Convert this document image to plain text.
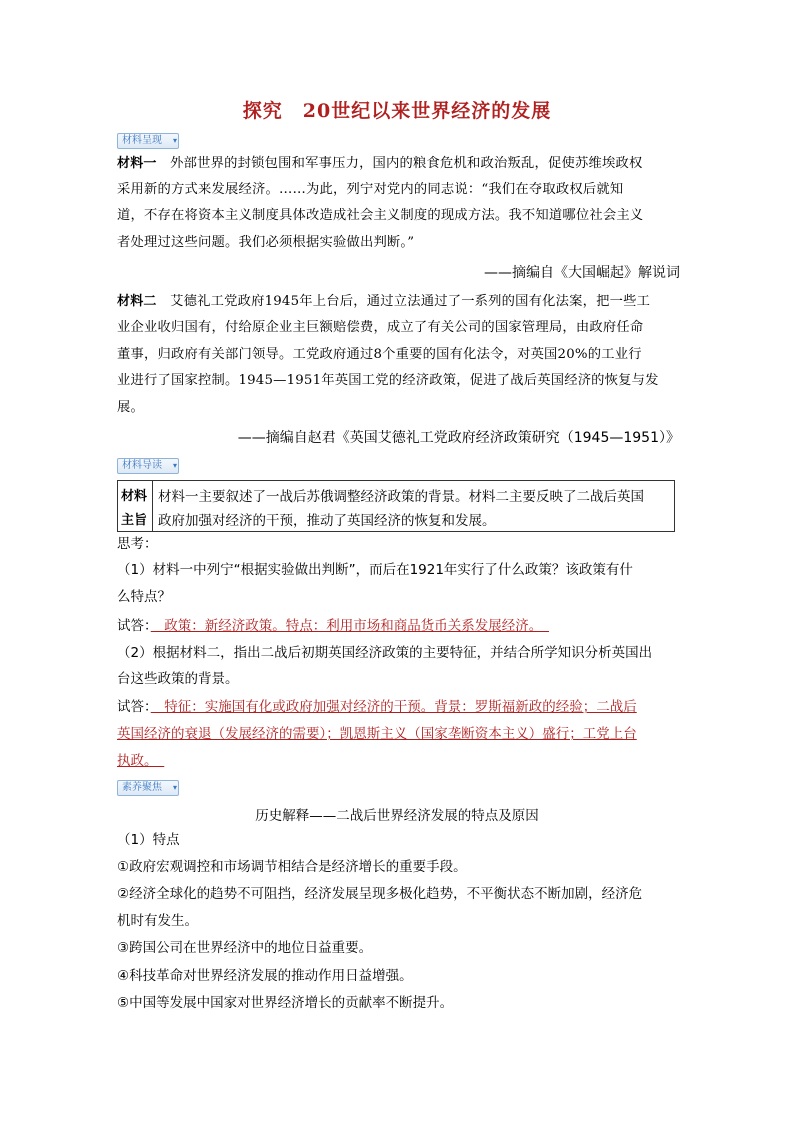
探究　20世纪以来世界经济的发展
材料呈现 ▾
材料一　 外部世界的封锁包围和军事压力，国内的粮食危机和政治叛乱，促使苏维埃政权
采用新的方式来发展经济。……为此，列宁对党内的同志说：“我们在夺取政权后就知
道，不存在将资本主义制度具体改造成社会主义制度的现成方法。我不知道哪位社会主义
者处理过这些问题。我们必须根据实验做出判断。”
——摘编自《大国崛起》解说词
材料二　 艾德礼工党政府1945年上台后，通过立法通过了一系列的国有化法案，把一些工
业企业收归国有，付给原企业主巨额赔偿费，成立了有关公司的国家管理局，由政府任命
董事，归政府有关部门领导。工党政府通过8个重要的国有化法令，对英国20%的工业行
业进行了国家控制。1945—1951年英国工党的经济政策，促进了战后英国经济的恢复与发
展。
——摘编自赵君《英国艾德礼工党政府经济政策研究（1945—1951）》
材料导读 ▾
材料
主旨
材料一主要叙述了一战后苏俄调整经济政策的背景。材料二主要反映了二战后英国
政府加强对经济的干预，推动了英国经济的恢复和发展。
思考：
（1）材料一中列宁“根据实验做出判断”，而后在1921年实行了什么政策？该政策有什
么特点？
试答：　政策：新经济政策。特点：利用市场和商品货币关系发展经济。　
（2）根据材料二，指出二战后初期英国经济政策的主要特征，并结合所学知识分析英国出
台这些政策的背景。
试答：　特征：实施国有化或政府加强对经济的干预。背景：罗斯福新政的经验；二战后
英国经济的衰退（发展经济的需要）；凯恩斯主义（国家垄断资本主义）盛行；工党上台
执政。　
素养聚焦 ▾
历史解释——二战后世界经济发展的特点及原因
（1）特点
①政府宏观调控和市场调节相结合是经济增长的重要手段。
②经济全球化的趋势不可阻挡，经济发展呈现多极化趋势，不平衡状态不断加剧，经济危
机时有发生。
③跨国公司在世界经济中的地位日益重要。
④科技革命对世界经济发展的推动作用日益增强。
⑤中国等发展中国家对世界经济增长的贡献率不断提升。
